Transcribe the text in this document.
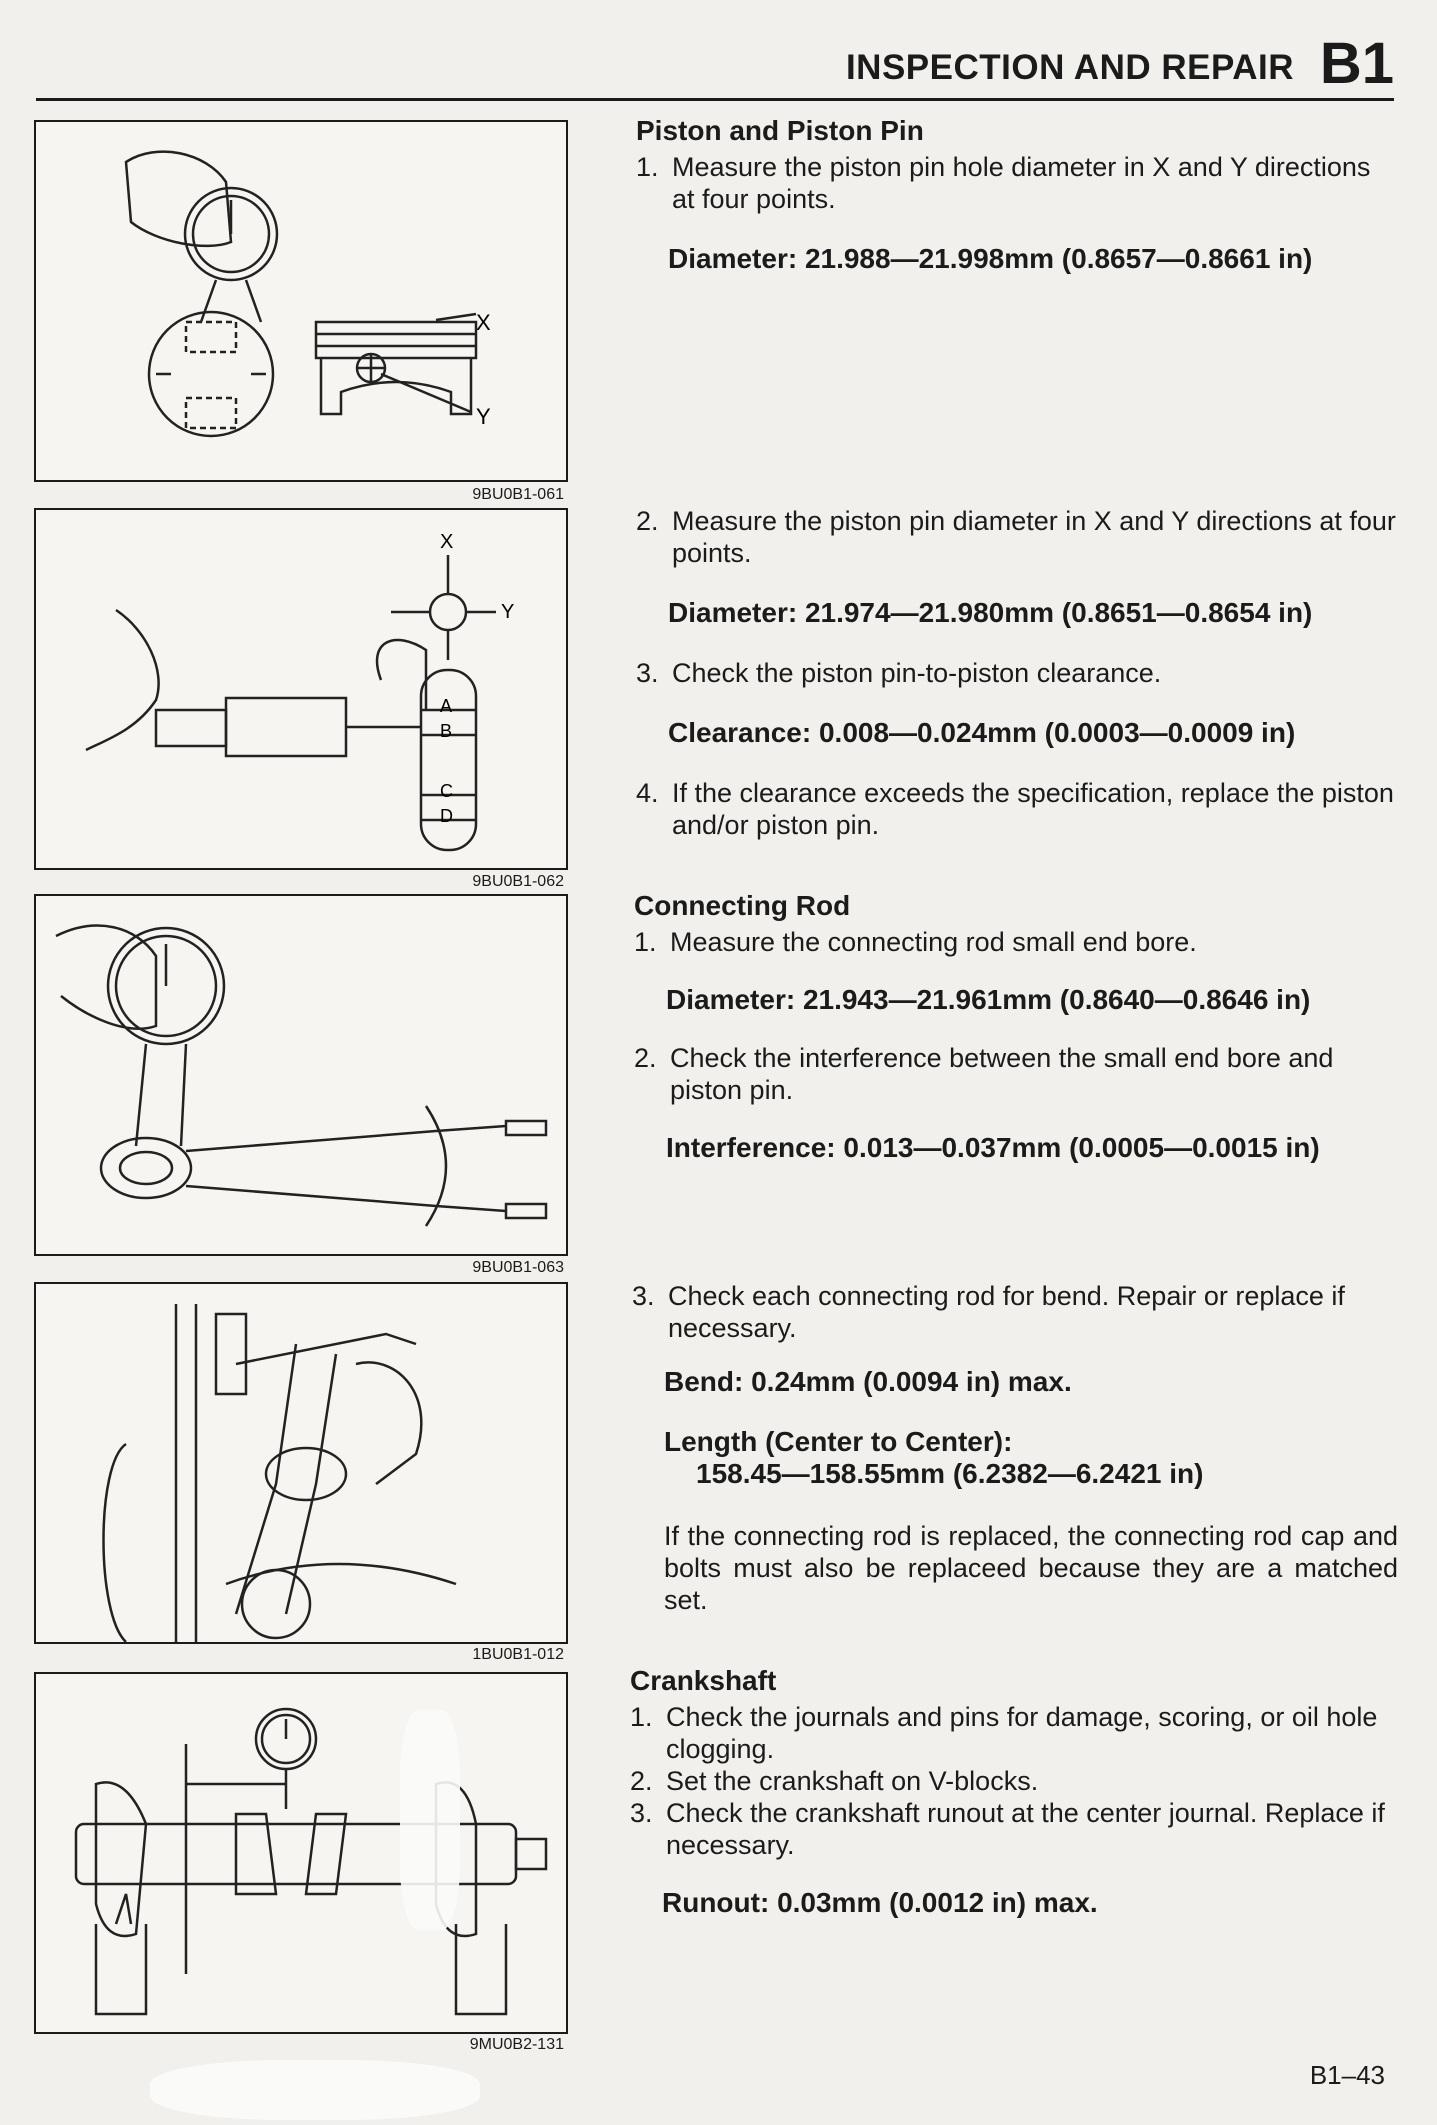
INSPECTION AND REPAIR B1
X
Y
9BU0B1-061
X
Y
A
B
C
D
9BU0B1-062
9BU0B1-063
1BU0B1-012
9MU0B2-131
Piston and Piston Pin
1. Measure the piston pin hole diameter in X and Y directions at four points.
Diameter: 21.988—21.998mm (0.8657—0.8661 in)
2. Measure the piston pin diameter in X and Y directions at four points.
Diameter: 21.974—21.980mm (0.8651—0.8654 in)
3. Check the piston pin-to-piston clearance.
Clearance: 0.008—0.024mm (0.0003—0.0009 in)
4. If the clearance exceeds the specification, replace the piston and/or piston pin.
Connecting Rod
1. Measure the connecting rod small end bore.
Diameter: 21.943—21.961mm (0.8640—0.8646 in)
2. Check the interference between the small end bore and piston pin.
Interference: 0.013—0.037mm (0.0005—0.0015 in)
3. Check each connecting rod for bend. Repair or replace if necessary.
Bend: 0.24mm (0.0094 in) max.
Length (Center to Center):
158.45—158.55mm (6.2382—6.2421 in)
If the connecting rod is replaced, the connecting rod cap and bolts must also be replaceed because they are a matched set.
Crankshaft
1. Check the journals and pins for damage, scoring, or oil hole clogging.
2. Set the crankshaft on V-blocks.
3. Check the crankshaft runout at the center journal. Replace if necessary.
Runout: 0.03mm (0.0012 in) max.
B1–43
